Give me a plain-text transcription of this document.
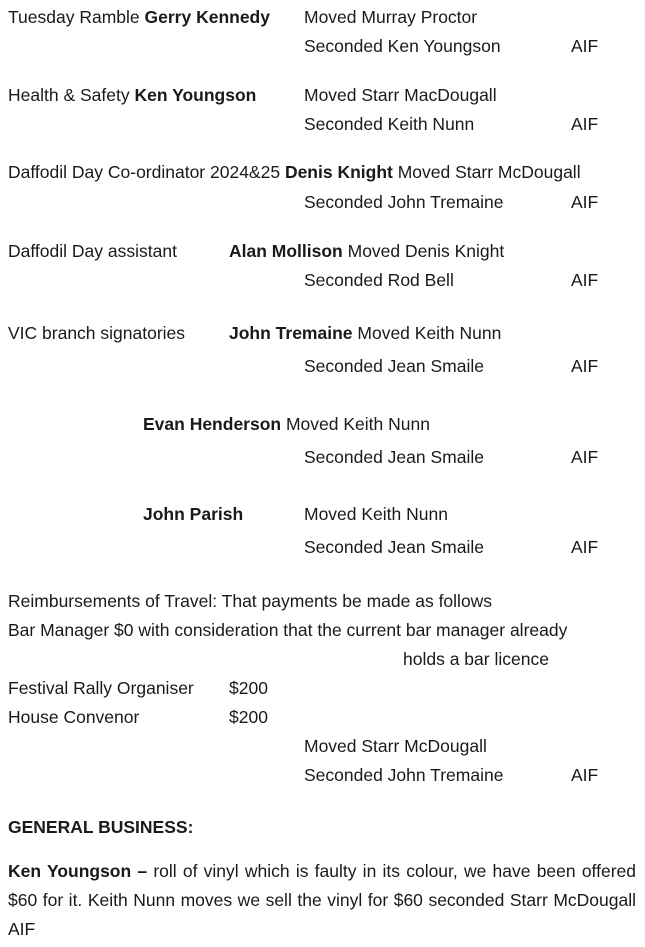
Tuesday Ramble Gerry Kennedy Moved Murray Proctor
Seconded Ken Youngson	AIF
Health & Safety Ken Youngson	Moved Starr MacDougall
Seconded Keith Nunn	AIF
Daffodil Day Co-ordinator 2024&25 Denis Knight Moved Starr McDougall
Seconded John Tremaine	AIF
Daffodil Day assistant	Alan Mollison Moved Denis Knight
Seconded Rod Bell	AIF
VIC branch signatories	John Tremaine Moved Keith Nunn
Seconded Jean Smaile	AIF
Evan Henderson Moved Keith Nunn
Seconded Jean Smaile	AIF
John Parish	Moved Keith Nunn
Seconded Jean Smaile	AIF
Reimbursements of Travel: That payments be made as follows
Bar Manager $0 with consideration that the current bar manager already
holds a bar licence
Festival Rally Organiser $200
House Convenor	$200
Moved Starr McDougall
Seconded John Tremaine	AIF
GENERAL BUSINESS:
Ken Youngson – roll of vinyl which is faulty in its colour, we have been offered $60 for it. Keith Nunn moves we sell the vinyl for $60 seconded Starr McDougall AIF
